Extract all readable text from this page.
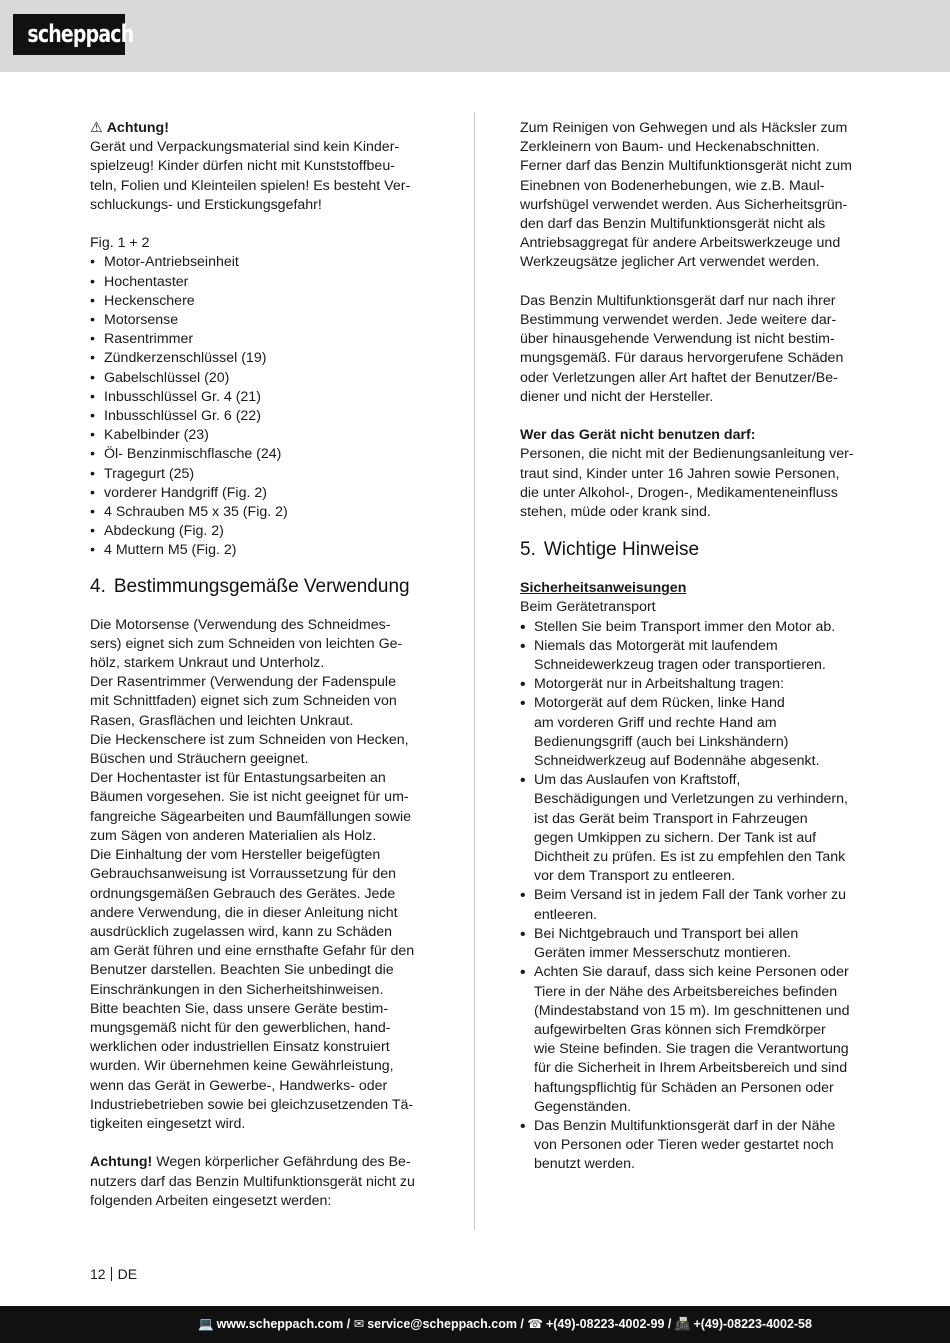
scheppach

⚠ Achtung!

Gerät und Verpackungsmaterial sind kein Kinder-

spielzeug! Kinder dürfen nicht mit Kunststoffbeu-

teln, Folien und Kleinteilen spielen! Es besteht Ver-

schluckungs- und Erstickungsgefahr!

Fig. 1 + 2

• Motor-Antriebseinheit
• Hochentaster
• Heckenschere
• Motorsense
• Rasentrimmer
• Zündkerzenschlüssel (19)
• Gabelschlüssel (20)
• Inbusschlüssel Gr. 4 (21)
• Inbusschlüssel Gr. 6 (22)
• Kabelbinder (23)
• Öl- Benzinmischflasche (24)
• Tragegurt (25)
• vorderer Handgriff (Fig. 2)
• 4 Schrauben M5 x 35 (Fig. 2)
• Abdeckung (Fig. 2)
• 4 Muttern M5 (Fig. 2)
4. Bestimmungsgemäße Verwendung

Die Motorsense (Verwendung des Schneidmes-

sers) eignet sich zum Schneiden von leichten Ge-

hölz, starkem Unkraut und Unterholz.

Der Rasentrimmer (Verwendung der Fadenspule

mit Schnittfaden) eignet sich zum Schneiden von

Rasen, Grasflächen und leichten Unkraut.

Die Heckenschere ist zum Schneiden von Hecken,

Büschen und Sträuchern geeignet.

Der Hochentaster ist für Entastungsarbeiten an

Bäumen vorgesehen. Sie ist nicht geeignet für um-

fangreiche Sägearbeiten und Baumfällungen sowie

zum Sägen von anderen Materialien als Holz.

Die Einhaltung der vom Hersteller beigefügten

Gebrauchsanweisung ist Vorraussetzung für den

ordnungsgemäßen Gebrauch des Gerätes. Jede

andere Verwendung, die in dieser Anleitung nicht

ausdrücklich zugelassen wird, kann zu Schäden

am Gerät führen und eine ernsthafte Gefahr für den

Benutzer darstellen. Beachten Sie unbedingt die

Einschränkungen in den Sicherheitshinweisen.

Bitte beachten Sie, dass unsere Geräte bestim-

mungsgemäß nicht für den gewerblichen, hand-

werklichen oder industriellen Einsatz konstruiert

wurden. Wir übernehmen keine Gewährleistung,

wenn das Gerät in Gewerbe-, Handwerks- oder

Industriebetrieben sowie bei gleichzusetzenden Tä-

tigkeiten eingesetzt wird.

Achtung! Wegen körperlicher Gefährdung des Be-

nutzers darf das Benzin Multifunktionsgerät nicht zu

folgenden Arbeiten eingesetzt werden:

Zum Reinigen von Gehwegen und als Häcksler zum

Zerkleinern von Baum- und Heckenabschnitten.

Ferner darf das Benzin Multifunktionsgerät nicht zum

Einebnen von Bodenerhebungen, wie z.B. Maul-

wurfshügel verwendet werden. Aus Sicherheitsgrün-

den darf das Benzin Multifunktionsgerät nicht als

Antriebsaggregat für andere Arbeitswerkzeuge und

Werkzeugsätze jeglicher Art verwendet werden.

Das Benzin Multifunktionsgerät darf nur nach ihrer

Bestimmung verwendet werden. Jede weitere dar-

über hinausgehende Verwendung ist nicht bestim-

mungsgemäß. Für daraus hervorgerufene Schäden

oder Verletzungen aller Art haftet der Benutzer/Be-

diener und nicht der Hersteller.

Wer das Gerät nicht benutzen darf:

Personen, die nicht mit der Bedienungsanleitung ver-

traut sind, Kinder unter 16 Jahren sowie Personen,

die unter Alkohol-, Drogen-, Medikamenteneinfluss

stehen, müde oder krank sind.

5. Wichtige Hinweise

Sicherheitsanweisungen

Beim Gerätetransport

• Stellen Sie beim Transport immer den Motor ab.

• Niemals das Motorgerät mit laufendem

Schneidewerkzeug tragen oder transportieren.

• Motorgerät nur in Arbeitshaltung tragen:

• Motorgerät auf dem Rücken, linke Hand

am vorderen Griff und rechte Hand am

Bedienungsgriff (auch bei Linkshändern)

Schneidwerkzeug auf Bodennähe abgesenkt.

• Um das Auslaufen von Kraftstoff,

Beschädigungen und Verletzungen zu verhindern,

ist das Gerät beim Transport in Fahrzeugen

gegen Umkippen zu sichern. Der Tank ist auf

Dichtheit zu prüfen. Es ist zu empfehlen den Tank

vor dem Transport zu entleeren.

• Beim Versand ist in jedem Fall der Tank vorher zu

entleeren.

• Bei Nichtgebrauch und Transport bei allen

Geräten immer Messerschutz montieren.

• Achten Sie darauf, dass sich keine Personen oder

Tiere in der Nähe des Arbeitsbereiches befinden

(Mindestabstand von 15 m). Im geschnittenen und

aufgewirbelten Gras können sich Fremdkörper

wie Steine befinden. Sie tragen die Verantwortung

für die Sicherheit in Ihrem Arbeitsbereich und sind

haftungspflichtig für Schäden an Personen oder

Gegenständen.

• Das Benzin Multifunktionsgerät darf in der Nähe

von Personen oder Tieren weder gestartet noch

benutzt werden.

12 DE
💻 www.scheppach.com / ✉ service@scheppach.com / ☎ +(49)-08223-4002-99 / 📠 +(49)-08223-4002-58
